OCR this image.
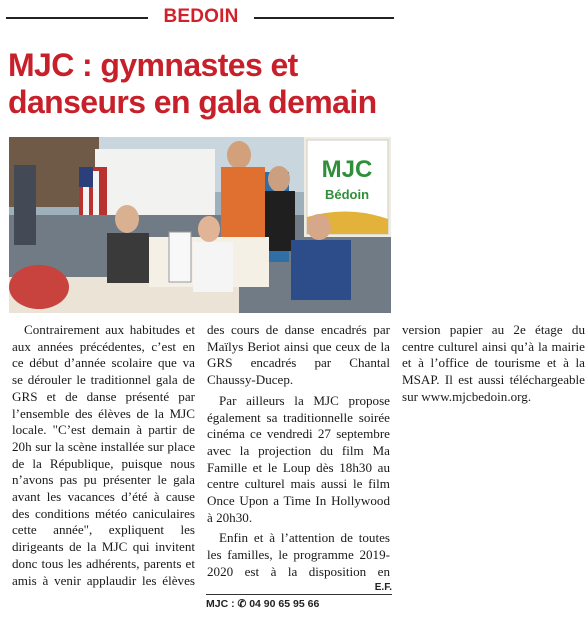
BEDOIN
MJC : gymnastes et danseurs en gala demain
MJC
Bédoin

Contrairement aux habitudes et aux années précédentes, c’est en ce début d’année scolaire que va se dérouler le traditionnel gala de GRS et de danse présenté par l’ensemble des élèves de la MJC locale. "C’est demain à partir de 20h sur la scène installée sur place de la République, puisque nous n’avons pas pu présenter le gala avant les vacances d’été à cause des conditions météo caniculaires cette année", expliquent les dirigeants de la MJC qui invitent donc tous les adhérents, parents et amis à venir applaudir les élèves des cours de danse encadrés par Maïlys Beriot ainsi que ceux de la GRS encadrés par Chantal Chaussy-Ducep.

Par ailleurs la MJC propose également sa traditionnelle soirée cinéma ce vendredi 27 septembre avec la projection du film Ma Famille et le Loup dès 18h30 au centre culturel mais aussi le film Once Upon a Time In Hollywood à 20h30.

Enfin et à l’attention de toutes les familles, le programme 2019-2020 est à la disposition en version papier au 2e étage du centre culturel ainsi qu’à la mairie et à l’office de tourisme et à la MSAP. Il est aussi téléchargeable sur www.mjcbedoin.org.

E.F.
MJC : ✆ 04 90 65 95 66
